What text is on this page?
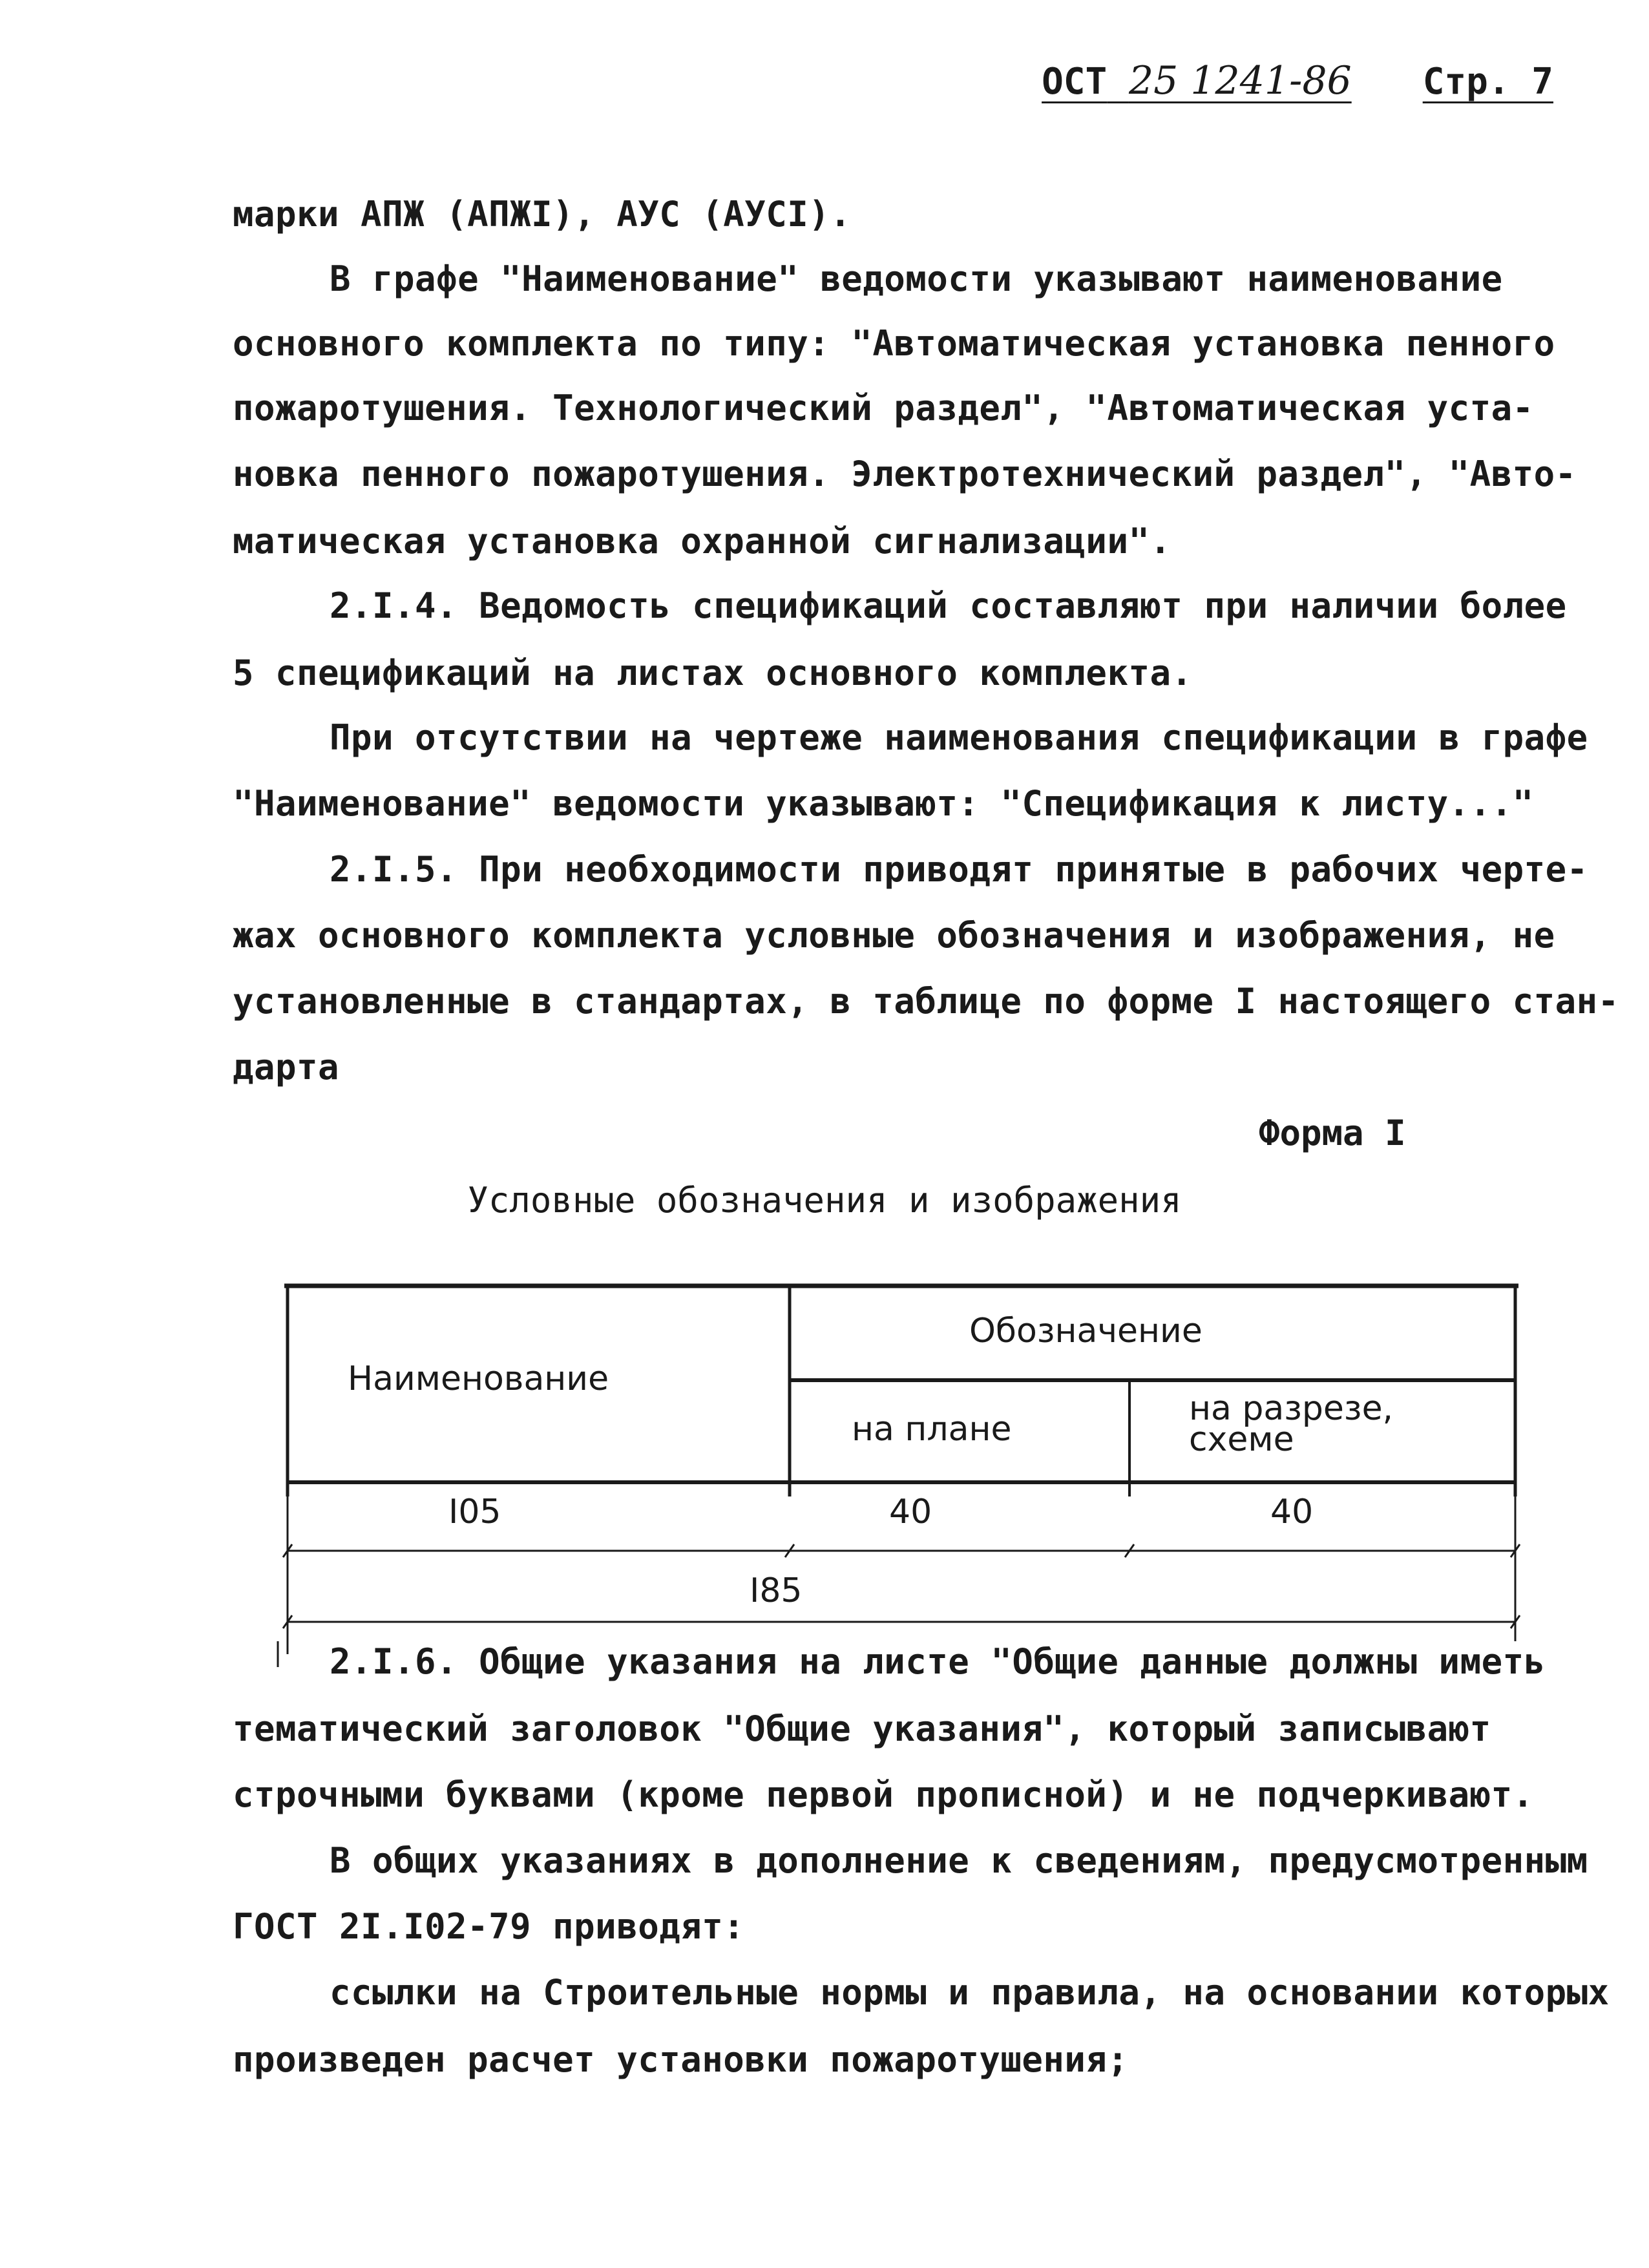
ОСТ 25 1241-86 Стр. 7
марки АПЖ (АПЖI), АУС (АУСI).
В графе "Наименование" ведомости указывают наименование
основного комплекта по типу: "Автоматическая установка пенного
пожаротушения. Технологический раздел", "Автоматическая уста-
новка пенного пожаротушения. Электротехнический раздел", "Авто-
матическая установка охранной сигнализации".
2.I.4. Ведомость спецификаций составляют при наличии более
5 спецификаций на листах основного комплекта.
При отсутствии на чертеже наименования спецификации в графе
"Наименование" ведомости указывают: "Спецификация к листу..."
2.I.5. При необходимости приводят принятые в рабочих черте-
жах основного комплекта условные обозначения и изображения, не
установленные в стандартах, в таблице по форме I настоящего стан-
дарта
Форма I
Условные обозначения и изображения
Наименование
Обозначение
на плане
на разрезе,
схеме
I05	40	40
I85
2.I.6. Общие указания на листе "Общие данные должны иметь
тематический заголовок "Общие указания", который записывают
строчными буквами (кроме первой прописной) и не подчеркивают.
В общих указаниях в дополнение к сведениям, предусмотренным
ГОСТ 2I.I02-79 приводят:
ссылки на Строительные нормы и правила, на основании которых
произведен расчет установки пожаротушения;
